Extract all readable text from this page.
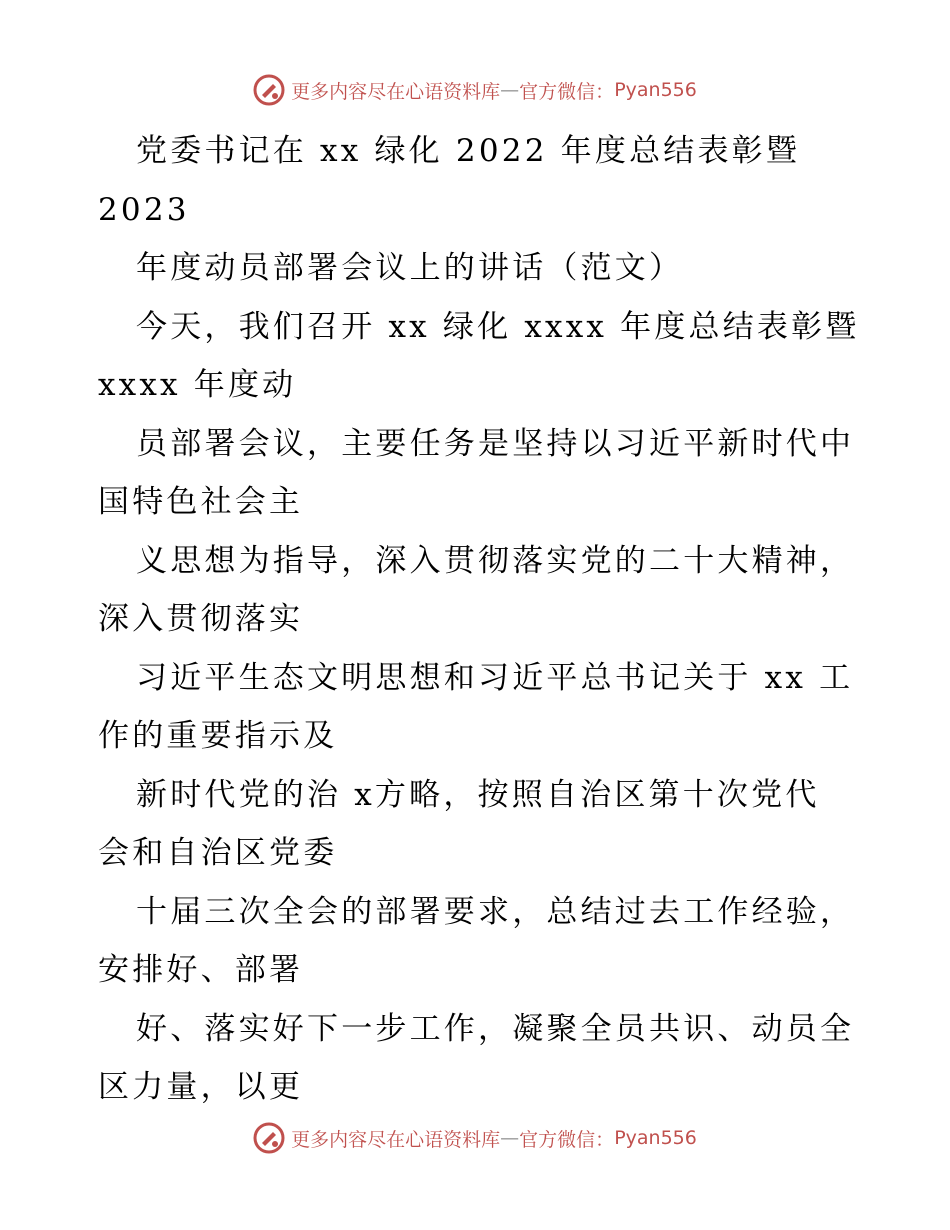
更多内容尽在心语资料库 — 官方微信： Pyan556
党委书记在 xx 绿化 2022 年度总结表彰暨
2023
年度动员部署会议上的讲话（范文）
今天，我们召开 xx 绿化 xxxx 年度总结表彰暨
xxxx 年度动
员部署会议，主要任务是坚持以习近平新时代中
国特色社会主
义思想为指导，深入贯彻落实党的二十大精神，
深入贯彻落实
习近平生态文明思想和习近平总书记关于 xx 工
作的重要指示及
新时代党的治 x方略，按照自治区第十次党代
会和自治区党委
十届三次全会的部署要求，总结过去工作经验，
安排好、部署
好、落实好下一步工作，凝聚全员共识、动员全
区力量，以更
更多内容尽在心语资料库 — 官方微信： Pyan556
